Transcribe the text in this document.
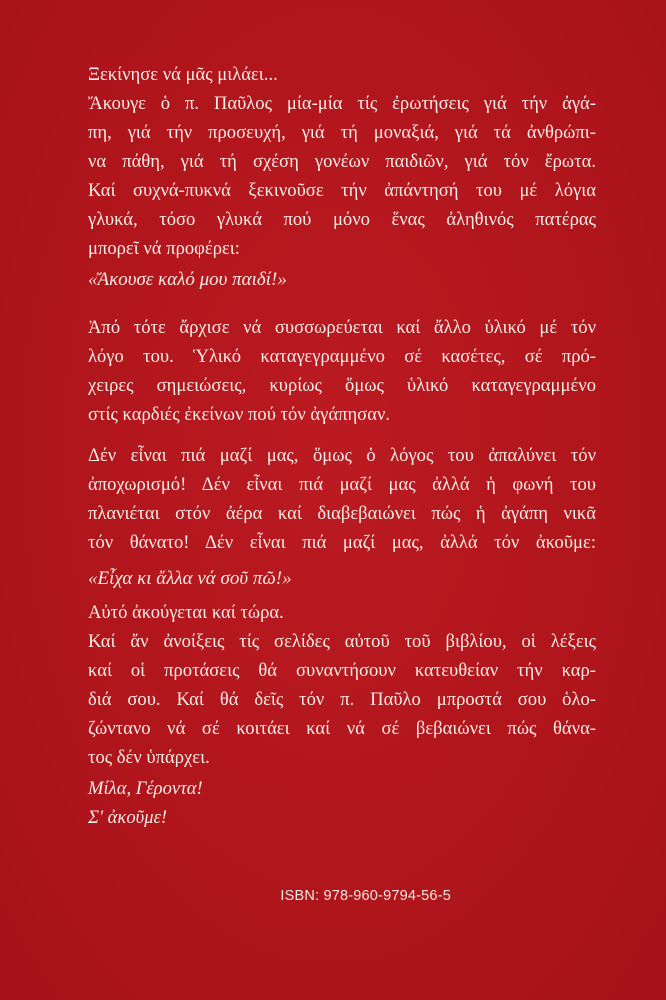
Ξεκίνησε νά μᾶς μιλάει...
Ἄκουγε ὁ π. Παῦλος μία-μία τίς ἐρωτήσεις γιά τήν ἀγά-
πη, γιά τήν προσευχή, γιά τή μοναξιά, γιά τά ἀνθρώπι-
να πάθη, γιά τή σχέση γονέων παιδιῶν, γιά τόν ἔρωτα.
Καί συχνά-πυκνά ξεκινοῦσε τήν ἀπάντησή του μέ λόγια
γλυκά, τόσο γλυκά πού μόνο ἕνας ἀληθινός πατέρας
μπορεῖ νά προφέρει:
«Ἄκουσε καλό μου παιδί!»
Ἀπό τότε ἄρχισε νά συσσωρεύεται καί ἄλλο ὑλικό μέ τόν
λόγο του. Ὑλικό καταγεγραμμένο σέ κασέτες, σέ πρό-
χειρες σημειώσεις, κυρίως ὅμως ὑλικό καταγεγραμμένο
στίς καρδιές ἐκείνων πού τόν ἀγάπησαν.
Δέν εἶναι πιά μαζί μας, ὅμως ὁ λόγος του ἀπαλύνει τόν
ἀποχωρισμό! Δέν εἶναι πιά μαζί μας ἀλλά ἡ φωνή του
πλανιέται στόν ἀέρα καί διαβεβαιώνει πώς ἡ ἀγάπη νικᾶ
τόν θάνατο! Δέν εἶναι πιά μαζί μας, ἀλλά τόν ἀκοῦμε:
«Εἶχα κι ἄλλα νά σοῦ πῶ!»
Αὐτό ἀκούγεται καί τώρα.
Καί ἄν ἀνοίξεις τίς σελίδες αὐτοῦ τοῦ βιβλίου, οἱ λέξεις
καί οἱ προτάσεις θά συναντήσουν κατευθείαν τήν καρ-
διά σου. Καί θά δεῖς τόν π. Παῦλο μπροστά σου ὁλο-
ζώντανο νά σέ κοιτάει καί νά σέ βεβαιώνει πώς θάνα-
τος δέν ὑπάρχει.
Μίλα, Γέροντα!
Σ' ἀκοῦμε!
ISBN: 978-960-9794-56-5
